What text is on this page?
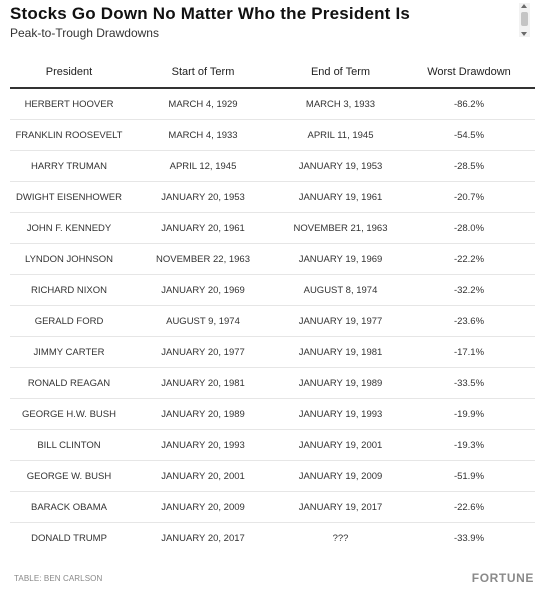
Stocks Go Down No Matter Who the President Is
Peak-to-Trough Drawdowns
President	Start of Term	End of Term	Worst Drawdown
HERBERT HOOVER	MARCH 4, 1929	MARCH 3, 1933	-86.2%
FRANKLIN ROOSEVELT	MARCH 4, 1933	APRIL 11, 1945	-54.5%
HARRY TRUMAN	APRIL 12, 1945	JANUARY 19, 1953	-28.5%
DWIGHT EISENHOWER	JANUARY 20, 1953	JANUARY 19, 1961	-20.7%
JOHN F. KENNEDY	JANUARY 20, 1961	NOVEMBER 21, 1963	-28.0%
LYNDON JOHNSON	NOVEMBER 22, 1963	JANUARY 19, 1969	-22.2%
RICHARD NIXON	JANUARY 20, 1969	AUGUST 8, 1974	-32.2%
GERALD FORD	AUGUST 9, 1974	JANUARY 19, 1977	-23.6%
JIMMY CARTER	JANUARY 20, 1977	JANUARY 19, 1981	-17.1%
RONALD REAGAN	JANUARY 20, 1981	JANUARY 19, 1989	-33.5%
GEORGE H.W. BUSH	JANUARY 20, 1989	JANUARY 19, 1993	-19.9%
BILL CLINTON	JANUARY 20, 1993	JANUARY 19, 2001	-19.3%
GEORGE W. BUSH	JANUARY 20, 2001	JANUARY 19, 2009	-51.9%
BARACK OBAMA	JANUARY 20, 2009	JANUARY 19, 2017	-22.6%
DONALD TRUMP	JANUARY 20, 2017	???	-33.9%
TABLE: BEN CARLSON	FORTUNE
